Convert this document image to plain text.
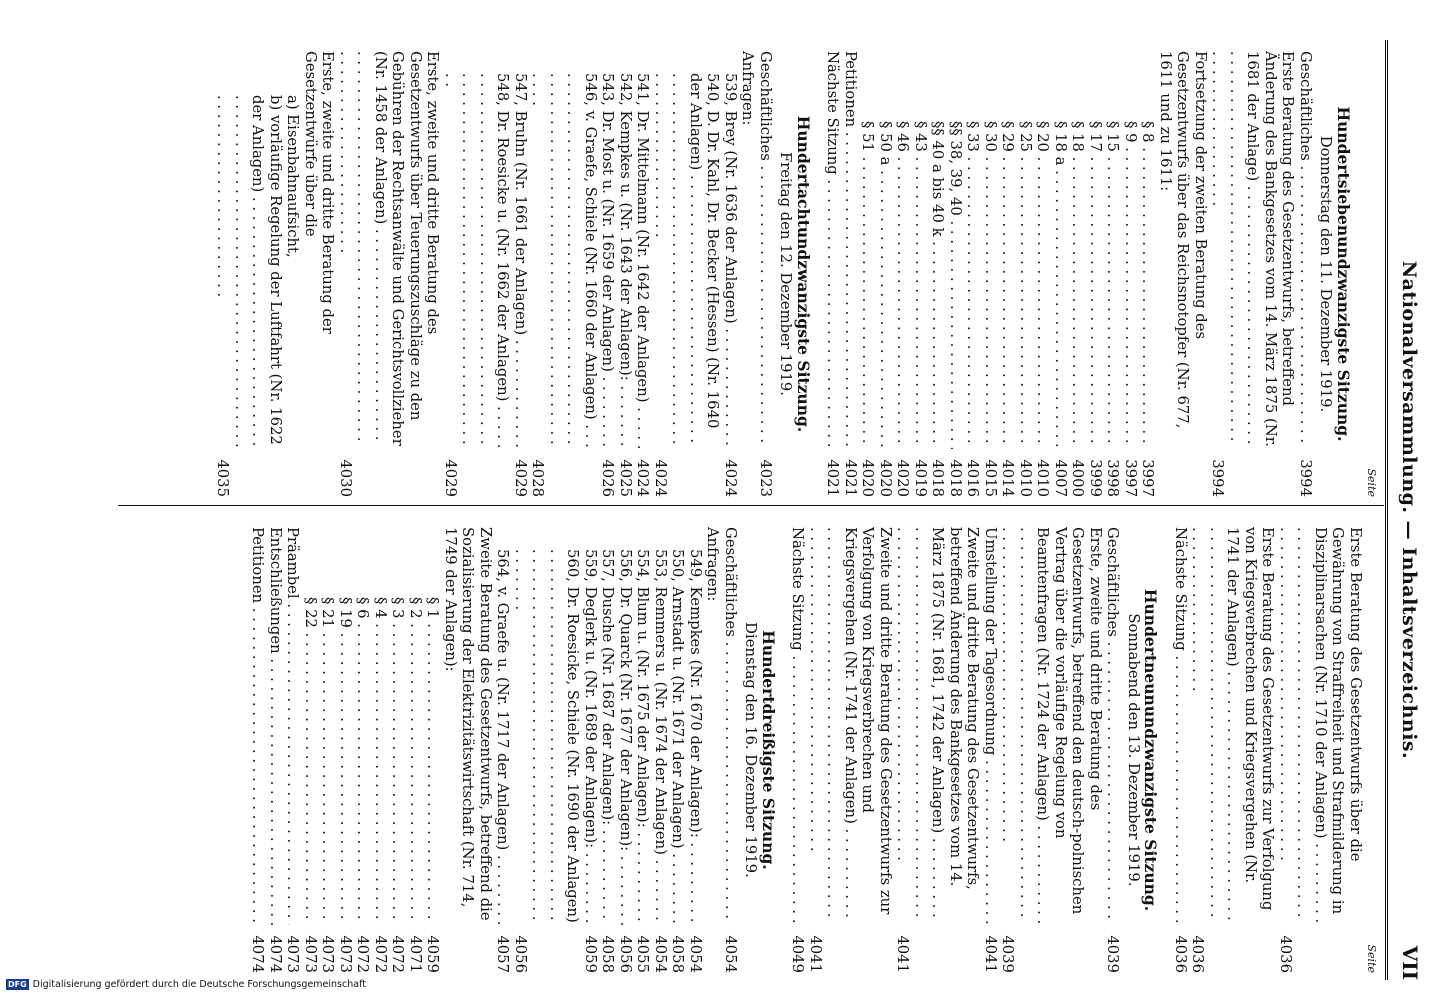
Nationalversammlung. — Inhaltsverzeichnis.
VII
Seite
Hundertsiebenundzwanzigste Sitzung.
Donnerstag den 11. Dezember 1919.
Geschäftliches . . .
3994
Erste Beratung des Gesetzentwurfs, betreffend Änderung des Bankgesetzes vom 14. März 1875 (Nr. 1681 der Anlage) . . .
3994
Fortsetzung der zweiten Beratung des Gesetzentwurfs über das Reichsnotopfer (Nr. 677, 1611 und zu 1611:
§ 8 . . .
3997
§ 9 . . .
3997
§ 15 . . .
3998
§ 17 . . .
3999
§ 18 . . .
4000
§ 18 a . . .
4007
§ 20 . . .
4010
§ 25 . . .
4010
§ 29 . . .
4014
§ 30 . . .
4015
§ 33 . . .
4016
§§ 38, 39, 40 . . .
4018
§§ 40 a bis 40 k . . .
4018
§ 43 . . .
4019
§ 46 . . .
4020
§ 50 a . . .
4020
§ 51 . . .
4020
Petitionen . . .
4021
Nächste Sitzung . . .
4021
Hundertachtundzwanzigste Sitzung.
Freitag den 12. Dezember 1919.
Geschäftliches . . .
4023
Anfragen:
539, Brey (Nr. 1636 der Anlagen) . . .
4024
540, D. Dr. Kahl, Dr. Becker (Hessen) (Nr. 1640 der Anlagen) . . .
4024
541, Dr. Mittelmann (Nr. 1642 der Anlagen) . . .
4024
542, Kempkes u. (Nr. 1643 der Anlagen): . . .
4025
543, Dr. Most u. (Nr. 1659 der Anlagen) . . .
4026
546, v. Graefe, Schiele (Nr. 1660 der Anlagen) . . .
4028
547, Bruhn (Nr. 1661 der Anlagen) . . .
4029
548, Dr. Roesicke u. (Nr. 1662 der Anlagen) . . .
4029
Erste, zweite und dritte Beratung des Gesetzentwurfs über Teuerungszuschläge zu den Gebühren der Rechtsanwälte und Gerichtsvollzieher (Nr. 1458 der Anlagen) . . .
4030
Erste, zweite und dritte Beratung der Gesetzentwürfe über die
a) Eisenbahnaufsicht,
b) vorläufige Regelung der Luftfahrt (Nr. 1622 der Anlagen) . . .
4035
Seite
Erste Beratung des Gesetzentwurfs über die Gewährung von Straffreiheit und Strafmilderung in Disziplinarsachen (Nr. 1710 der Anlagen) . . .
4036
Erste Beratung des Gesetzentwurfs zur Verfolgung von Kriegsverbrechen und Kriegsvergehen (Nr. 1741 der Anlagen) . . .
4036
Nächste Sitzung . . .
4036
Hundertneunundzwanzigste Sitzung.
Sonnabend den 13. Dezember 1919.
Geschäftliches . . .
4039
Erste, zweite und dritte Beratung des Gesetzentwurfs, betreffend den deutsch-polnischen Vertrag über die vorläufige Regelung von Beamtenfragen (Nr. 1724 der Anlagen) . . .
4039
Umstellung der Tagesordnung . . .
4041
Zweite und dritte Beratung des Gesetzentwurfs, betreffend Änderung des Bankgesetzes vom 14. März 1875 (Nr. 1681, 1742 der Anlagen) . . .
4041
Zweite und dritte Beratung des Gesetzentwurfs zur Verfolgung von Kriegsverbrechen und Kriegsvergehen (Nr. 1741 der Anlagen) . . .
4041
Nächste Sitzung . . .
4049
Hundertdreißigste Sitzung.
Dienstag den 16. Dezember 1919.
Geschäftliches . . .
4054
Anfragen:
549, Kempkes (Nr. 1670 der Anlagen): . . .
4054
550, Arnstadt u. (Nr. 1671 der Anlagen) . . .
4058
553, Remmers u. (Nr. 1674 der Anlagen) . . .
4054
554, Blum u. (Nr. 1675 der Anlagen): . . .
4055
556, Dr. Quarck (Nr. 1677 der Anlagen): . . .
4056
557, Dusche (Nr. 1687 der Anlagen): . . .
4058
559, Deglerk u. (Nr. 1689 der Anlagen): . . .
4059
560, Dr. Roesicke, Schiele (Nr. 1690 der Anlagen) . . .
4056
564, v. Graefe u. (Nr. 1717 der Anlagen) . . .
4057
Zweite Beratung des Gesetzentwurfs, betreffend die Sozialisierung der Elektrizitätswirtschaft (Nr. 714, 1749 der Anlagen):
§ 1 . . .
4059
§ 2 . . .
4071
§ 3 . . .
4072
§ 4 . . .
4072
§ 6 . . .
4072
§ 19 . . .
4073
§ 21 . . .
4073
§ 22 . . .
4073
Präambel . . .
4073
Entschließungen . . .
4074
Petitionen . . .
4074
DFG Digitalisierung gefördert durch die Deutsche Forschungsgemeinschaft
